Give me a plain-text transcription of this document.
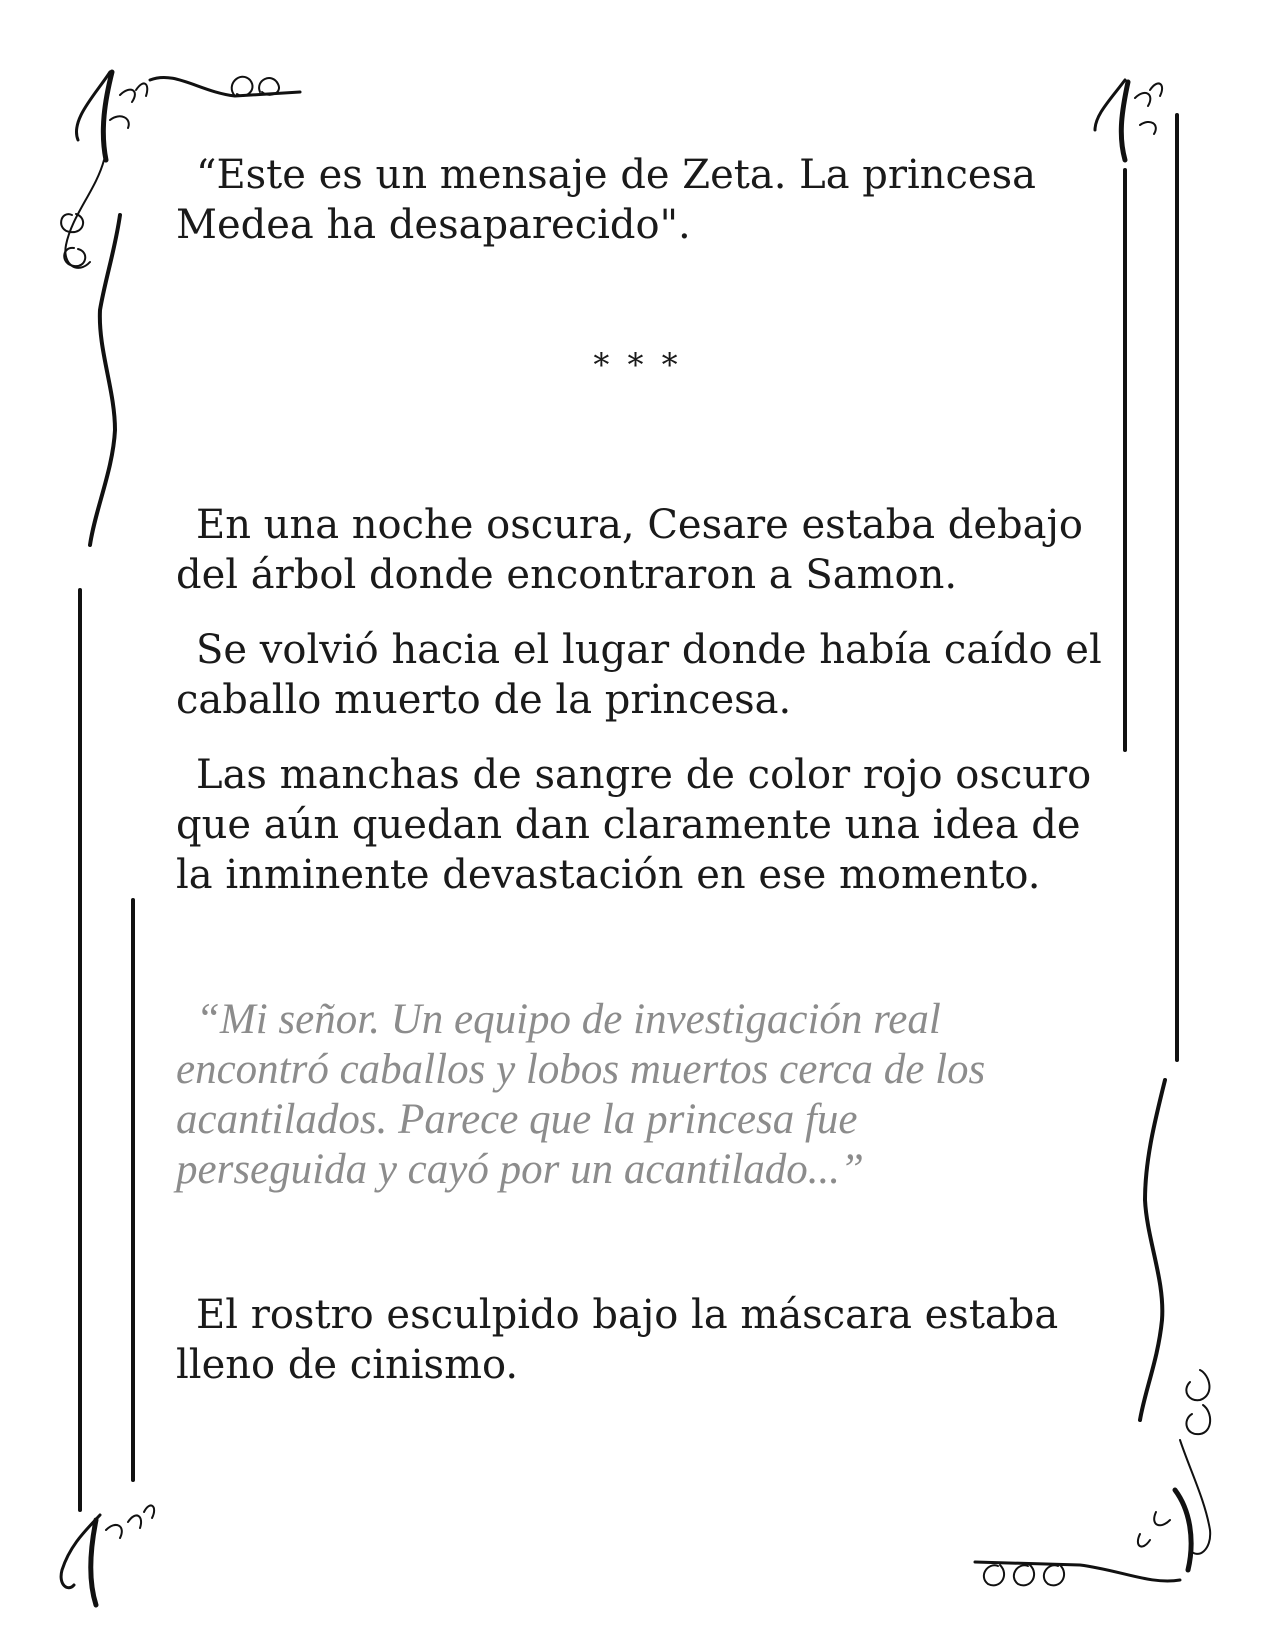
“Este es un mensaje de Zeta. La princesa
Medea ha desaparecido".

* * *

En una noche oscura, Cesare estaba debajo
del árbol donde encontraron a Samon.

Se volvió hacia el lugar donde había caído el
caballo muerto de la princesa.

Las manchas de sangre de color rojo oscuro
que aún quedan dan claramente una idea de
la inminente devastación en ese momento.

“Mi señor. Un equipo de investigación real
encontró caballos y lobos muertos cerca de los
acantilados. Parece que la princesa fue
perseguida y cayó por un acantilado...”

El rostro esculpido bajo la máscara estaba
lleno de cinismo.
